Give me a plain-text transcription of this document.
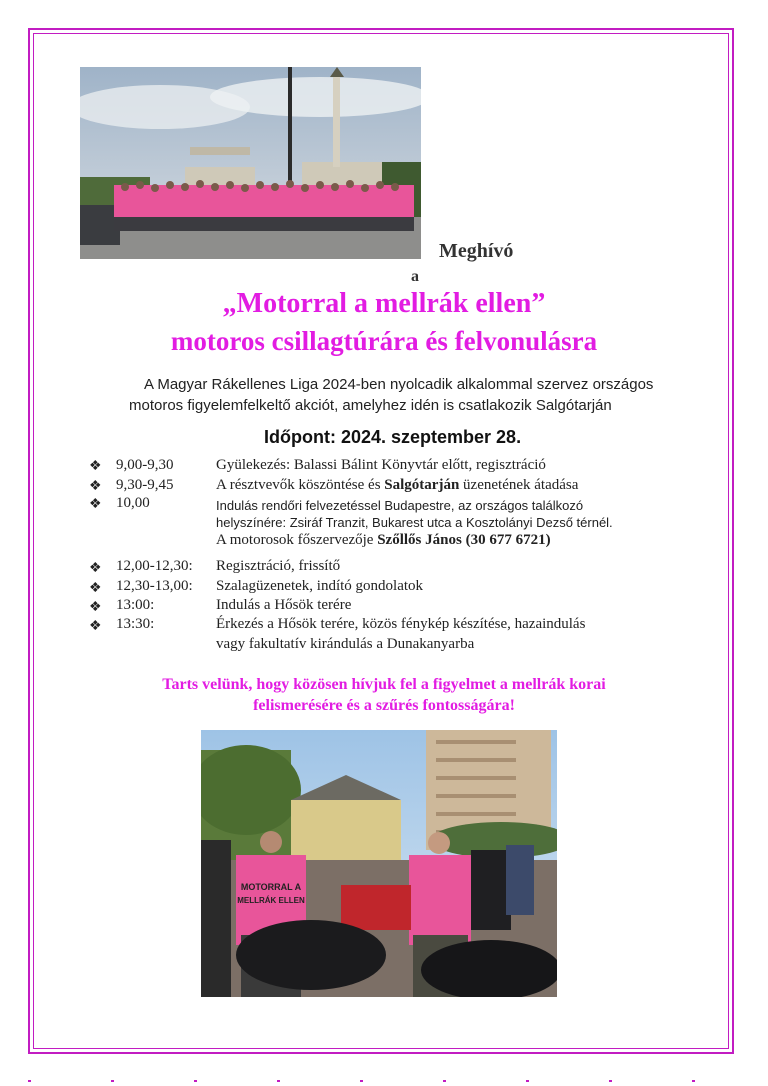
Meghívó
a
„Motorral a mellrák ellen”
motoros csillagtúrára és felvonulásra
A Magyar Rákellenes Liga 2024-ben nyolcadik alkalommal szervez országos
motoros figyelemfelkeltő akciót, amelyhez idén is csatlakozik Salgótarján
Időpont: 2024. szeptember 28.
❖ 9,00-9,30	Gyülekezés: Balassi Bálint Könyvtár előtt, regisztráció
❖ 9,30-9,45	A résztvevők köszöntése és Salgótarján üzenetének átadása
❖ 10,00	Indulás rendőri felvezetéssel Budapestre, az országos találkozó
helyszínére: Zsiráf Tranzit, Bukarest utca a Kosztolányi Dezső térnél.
A motorosok főszervezője Szőllős János (30 677 6721)
❖ 12,00-12,30: Regisztráció, frissítő
❖ 12,30-13,00: Szalagüzenetek, indító gondolatok
❖ 13:00:	Indulás a Hősök terére
❖ 13:30:	Érkezés a Hősök terére, közös fénykép készítése, hazaindulás
vagy fakultatív kirándulás a Dunakanyarba
Tarts velünk, hogy közösen hívjuk fel a figyelmet a mellrák korai
felismerésére és a szűrés fontosságára!
MOTORRAL A
MELLRÁK ELLEN
